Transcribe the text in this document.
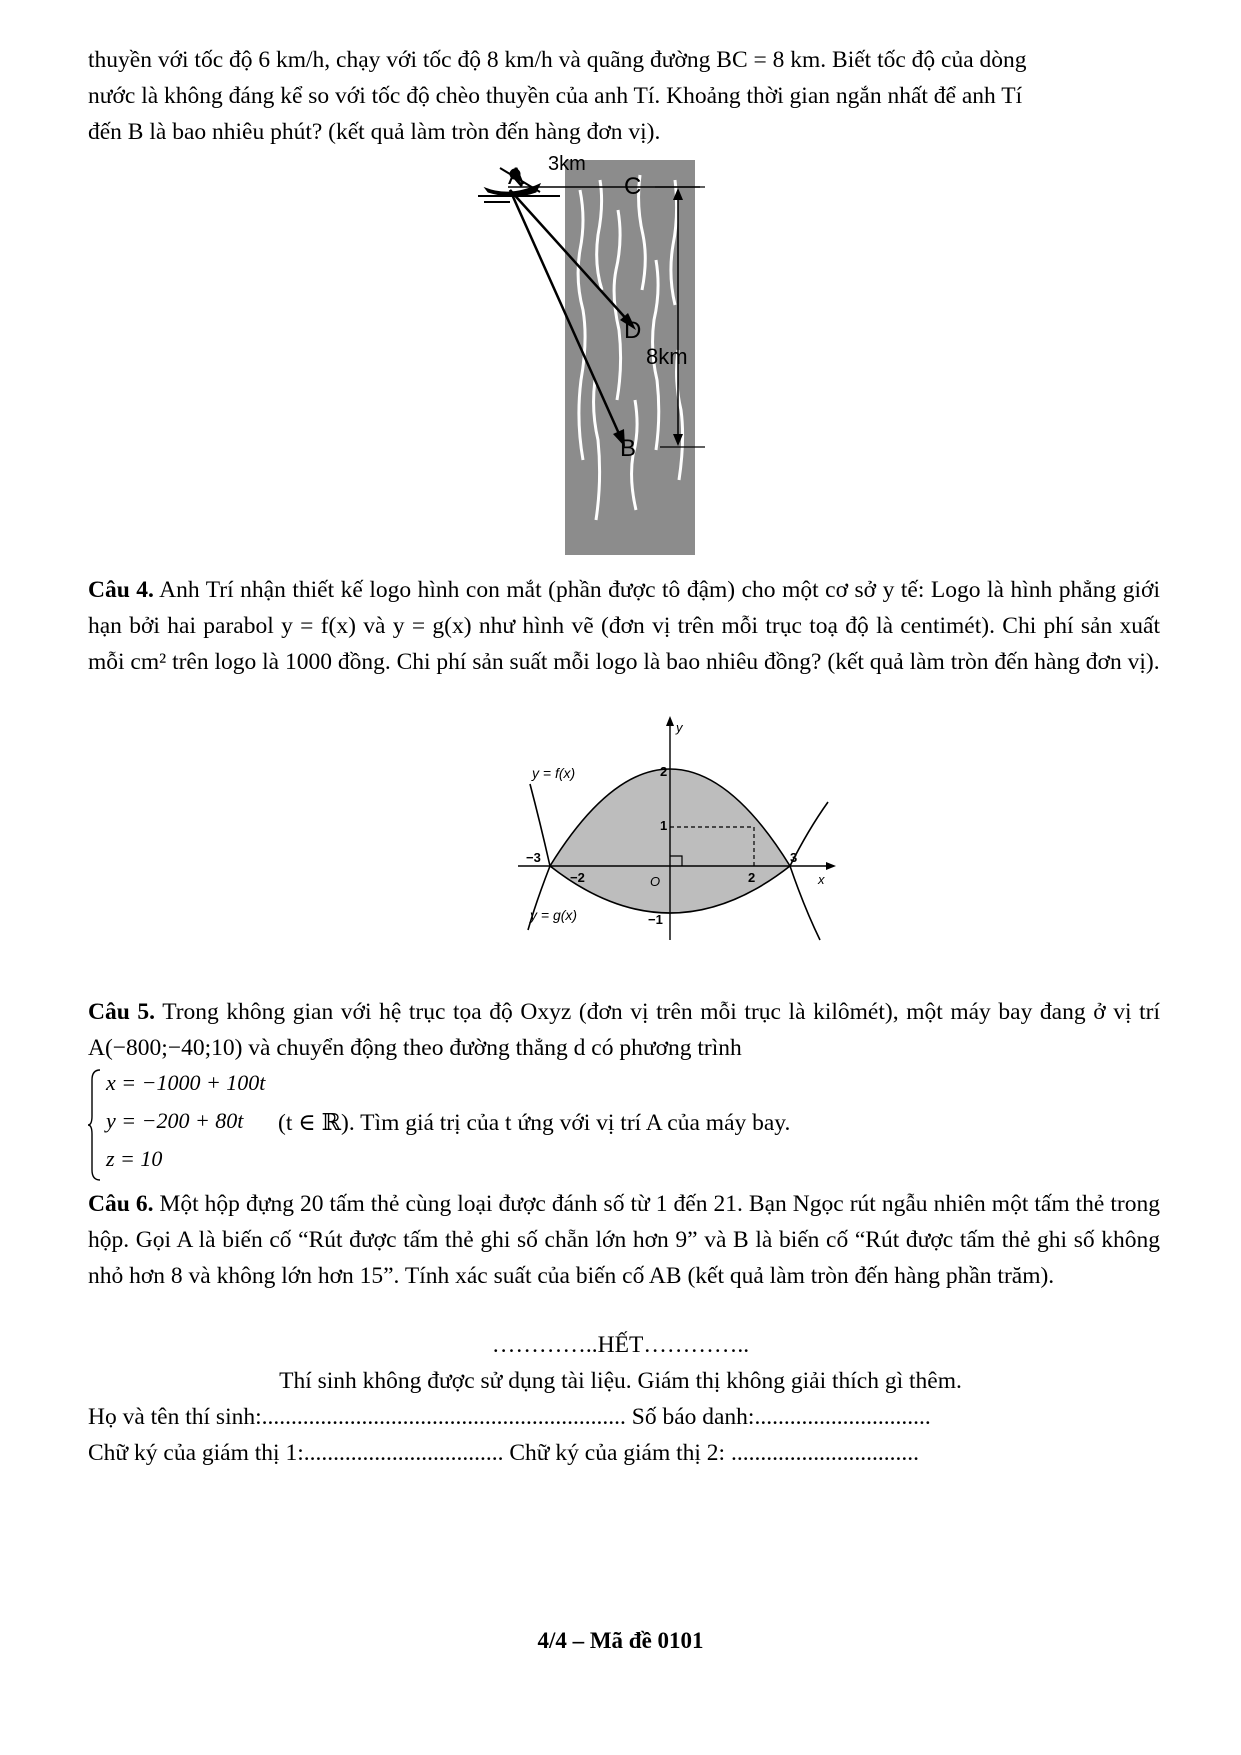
thuyền với tốc độ 6 km/h, chạy với tốc độ 8 km/h và quãng đường BC = 8 km. Biết tốc độ của dòng
nước là không đáng kể so với tốc độ chèo thuyền của anh Tí. Khoảng thời gian ngắn nhất để anh Tí
đến B là bao nhiêu phút? (kết quả làm tròn đến hàng đơn vị).

A 3km
C
D
8km
B

Câu 4. Anh Trí nhận thiết kế logo hình con mắt (phần được tô đậm) cho một cơ sở y tế: Logo là hình phẳng giới hạn bởi hai parabol y = f(x) và y = g(x) như hình vẽ (đơn vị trên mỗi trục toạ độ là centimét). Chi phí sản xuất mỗi cm² trên logo là 1000 đồng. Chi phí sản suất mỗi logo là bao nhiêu đồng? (kết quả làm tròn đến hàng đơn vị).

y
x
y = f(x)
y = g(x)
O
2
1
−1
−3
−2	2
3

Câu 5. Trong không gian với hệ trục tọa độ Oxyz (đơn vị trên mỗi trục là kilômét), một máy bay đang ở vị trí A(−800;−40;10) và chuyển động theo đường thẳng d có phương trình

x = −1000 + 100t
y = −200 + 80t
z = 10
(t ∈ ℝ). Tìm giá trị của t ứng với vị trí A của máy bay.

Câu 6. Một hộp đựng 20 tấm thẻ cùng loại được đánh số từ 1 đến 21. Bạn Ngọc rút ngẫu nhiên một tấm thẻ trong hộp. Gọi A là biến cố “Rút được tấm thẻ ghi số chẵn lớn hơn 9” và B là biến cố “Rút được tấm thẻ ghi số không nhỏ hơn 8 và không lớn hơn 15”. Tính xác suất của biến cố AB (kết quả làm tròn đến hàng phần trăm).

…………..HẾT…………..
Thí sinh không được sử dụng tài liệu. Giám thị không giải thích gì thêm.
Họ và tên thí sinh:.............................................................. Số báo danh:..............................
Chữ ký của giám thị 1:.................................. Chữ ký của giám thị 2: ................................
4/4 – Mã đề 0101
